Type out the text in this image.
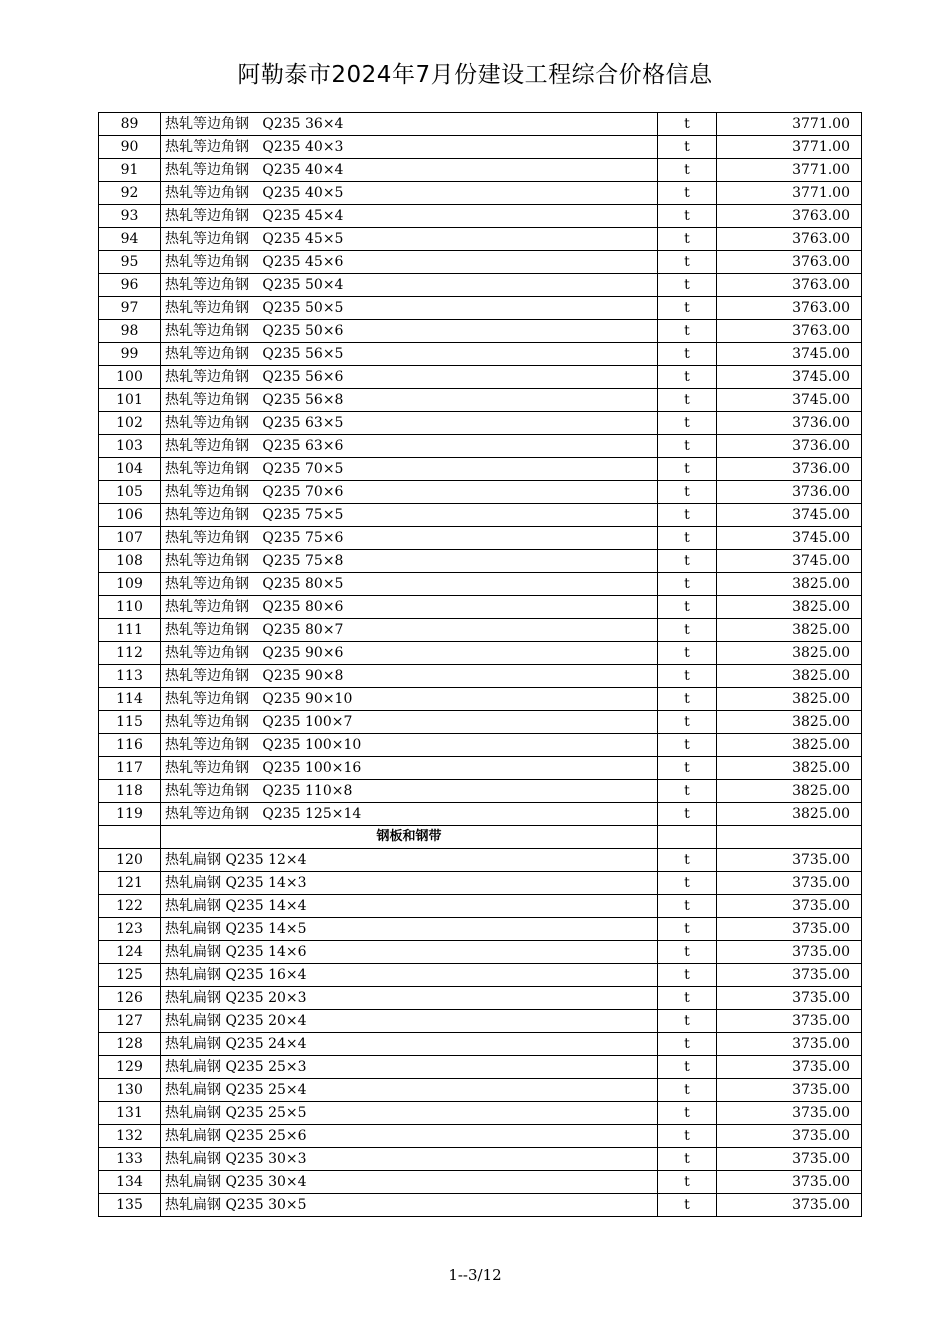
阿勒泰市2024年7月份建设工程综合价格信息
89	热轧等边角钢   Q235 36×4	t	3771.00
90	热轧等边角钢   Q235 40×3	t	3771.00
91	热轧等边角钢   Q235 40×4	t	3771.00
92	热轧等边角钢   Q235 40×5	t	3771.00
93	热轧等边角钢   Q235 45×4	t	3763.00
94	热轧等边角钢   Q235 45×5	t	3763.00
95	热轧等边角钢   Q235 45×6	t	3763.00
96	热轧等边角钢   Q235 50×4	t	3763.00
97	热轧等边角钢   Q235 50×5	t	3763.00
98	热轧等边角钢   Q235 50×6	t	3763.00
99	热轧等边角钢   Q235 56×5	t	3745.00
100	热轧等边角钢   Q235 56×6	t	3745.00
101	热轧等边角钢   Q235 56×8	t	3745.00
102	热轧等边角钢   Q235 63×5	t	3736.00
103	热轧等边角钢   Q235 63×6	t	3736.00
104	热轧等边角钢   Q235 70×5	t	3736.00
105	热轧等边角钢   Q235 70×6	t	3736.00
106	热轧等边角钢   Q235 75×5	t	3745.00
107	热轧等边角钢   Q235 75×6	t	3745.00
108	热轧等边角钢   Q235 75×8	t	3745.00
109	热轧等边角钢   Q235 80×5	t	3825.00
110	热轧等边角钢   Q235 80×6	t	3825.00
111	热轧等边角钢   Q235 80×7	t	3825.00
112	热轧等边角钢   Q235 90×6	t	3825.00
113	热轧等边角钢   Q235 90×8	t	3825.00
114	热轧等边角钢   Q235 90×10	t	3825.00
115	热轧等边角钢   Q235 100×7	t	3825.00
116	热轧等边角钢   Q235 100×10	t	3825.00
117	热轧等边角钢   Q235 100×16	t	3825.00
118	热轧等边角钢   Q235 110×8	t	3825.00
119	热轧等边角钢   Q235 125×14	t	3825.00
	钢板和钢带		
120	热轧扁钢 Q235 12×4	t	3735.00
121	热轧扁钢 Q235 14×3	t	3735.00
122	热轧扁钢 Q235 14×4	t	3735.00
123	热轧扁钢 Q235 14×5	t	3735.00
124	热轧扁钢 Q235 14×6	t	3735.00
125	热轧扁钢 Q235 16×4	t	3735.00
126	热轧扁钢 Q235 20×3	t	3735.00
127	热轧扁钢 Q235 20×4	t	3735.00
128	热轧扁钢 Q235 24×4	t	3735.00
129	热轧扁钢 Q235 25×3	t	3735.00
130	热轧扁钢 Q235 25×4	t	3735.00
131	热轧扁钢 Q235 25×5	t	3735.00
132	热轧扁钢 Q235 25×6	t	3735.00
133	热轧扁钢 Q235 30×3	t	3735.00
134	热轧扁钢 Q235 30×4	t	3735.00
135	热轧扁钢 Q235 30×5	t	3735.00
1--3/12
